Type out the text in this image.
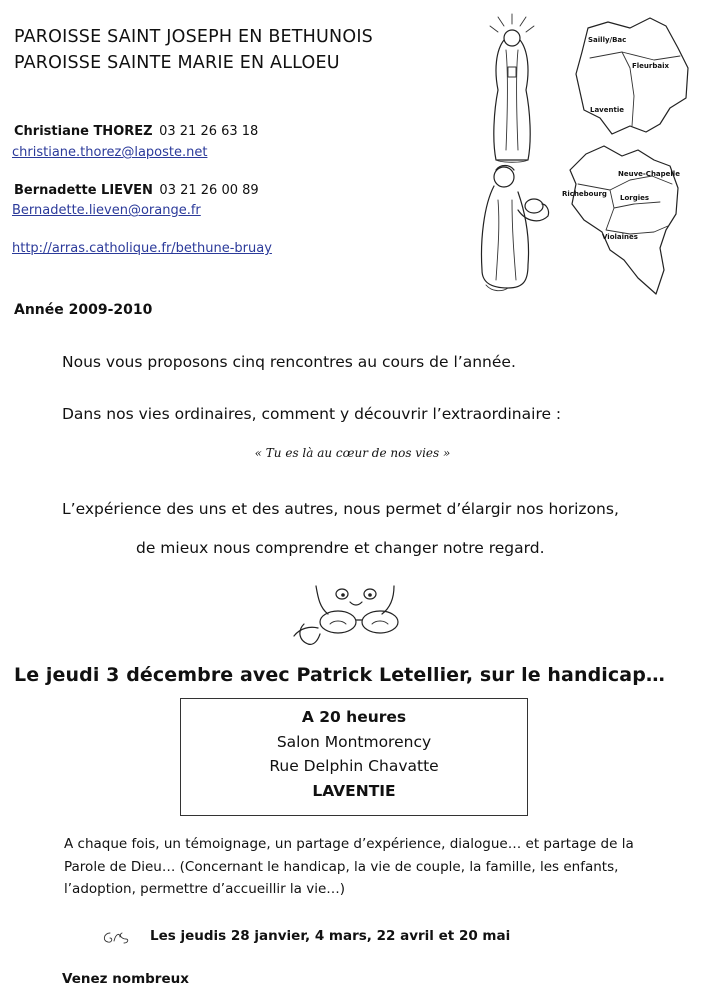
PAROISSE SAINT JOSEPH EN BETHUNOIS
PAROISSE SAINTE MARIE EN ALLOEU
Christiane THOREZ 03 21 26 63 18
christiane.thorez@laposte.net
Bernadette LIEVEN 03 21 26 00 89
Bernadette.lieven@orange.fr
http://arras.catholique.fr/bethune-bruay
Sailly/Bac
Fleurbaix
Laventie
Neuve-Chapelle
Richebourg Lorgies
Violaines
Année 2009-2010
Nous vous proposons cinq rencontres au cours de l’année.
Dans nos vies ordinaires, comment y découvrir l’extraordinaire :
« Tu es là au cœur de nos vies »
L’expérience des uns et des autres, nous permet d’élargir nos horizons,
de mieux nous comprendre et changer notre regard.
Le jeudi 3 décembre avec Patrick Letellier, sur le handicap…
A 20 heures
Salon Montmorency
Rue Delphin Chavatte
LAVENTIE
A chaque fois, un témoignage, un partage d’expérience, dialogue… et partage de la
Parole de Dieu… (Concernant le handicap, la vie de couple, la famille, les enfants,
l’adoption, permettre d’accueillir la vie…)
Les jeudis 28 janvier, 4 mars, 22 avril et 20 mai
Venez nombreux
